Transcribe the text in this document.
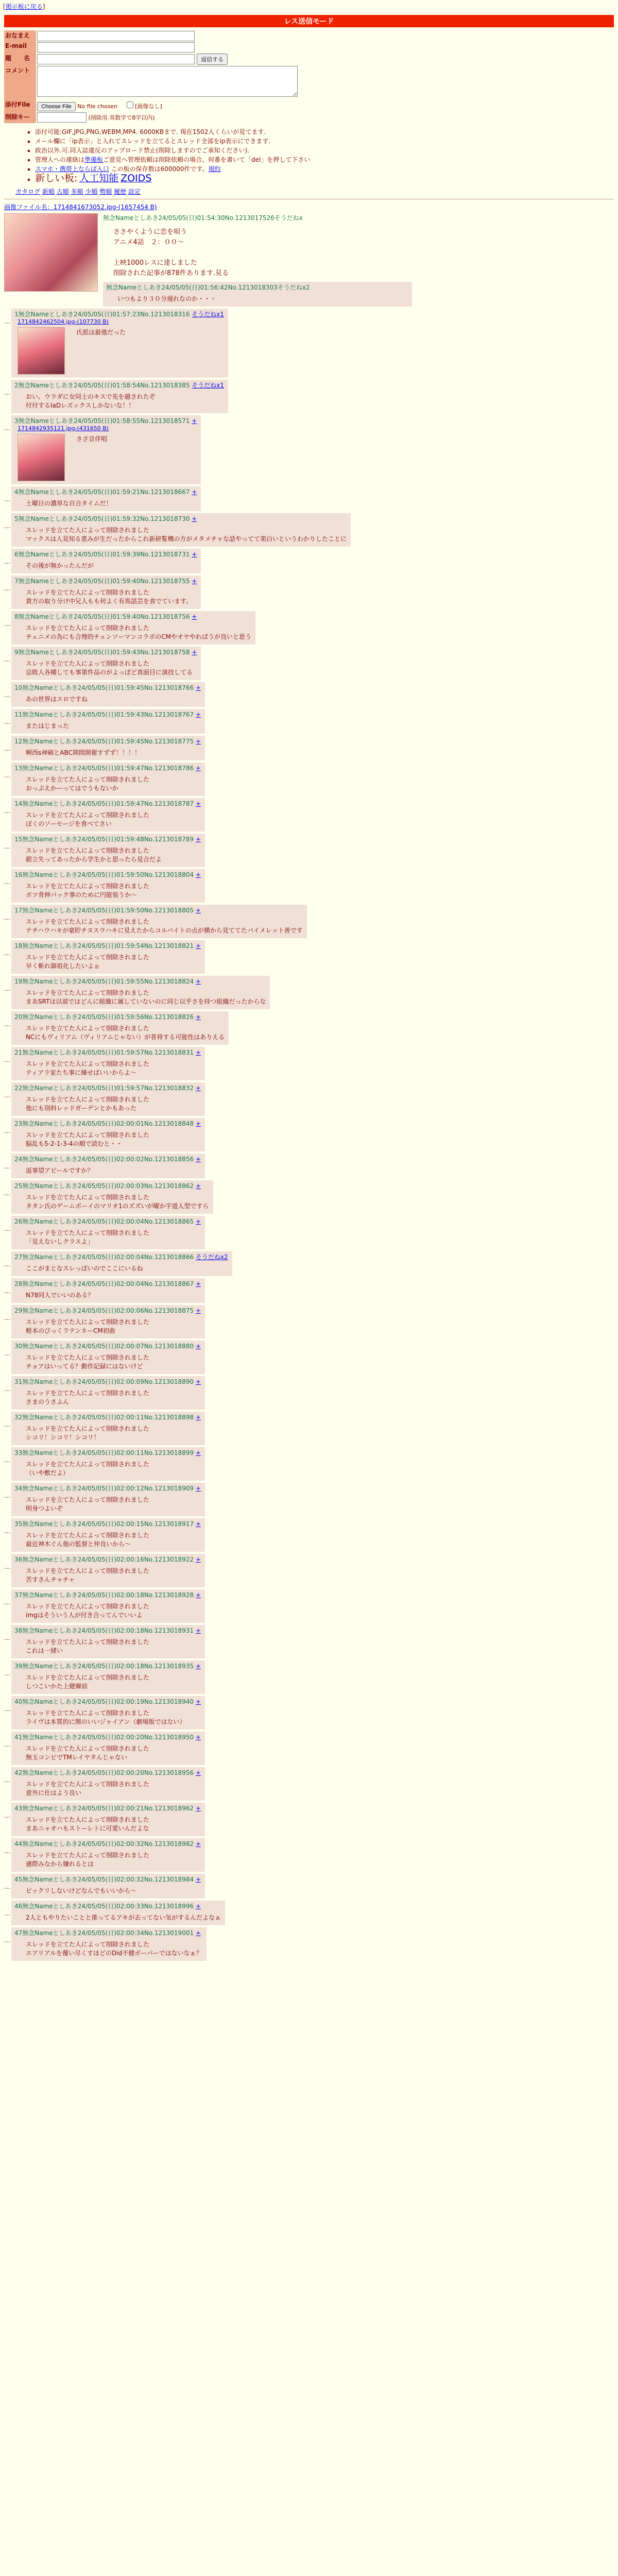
[掲示板に戻る]
レス送信モード
おなまえ	
E-mail	
題　　名	返信する
コメント	
添付File	Choose File No file chosen [画像なし]
削除キー	(削除用.英数字で8字以内)
▪ 添付可能:GIF,JPG,PNG,WEBM,MP4. 6000KBまで. 現在1502人くらいが見てます.
▪ メール欄に「ip表示」と入れてスレッドを立てるとスレッド全部をip表示にできます.
▪ 政治以外.可.同人誌違反のアップロード禁止(削除しますのでご承知ください).
▪ 管理人への連絡は準備板ご意見へ管理依頼は削除依頼の場合、何番を書いて「del」を押して下さい
▪ スマホ・携帯上ならば入口 この板の保存数は600000件です。規約
▪ 新しい板: 人工知能 ZOIDS
カタログ 新順 古順 多順 少順 勢順 履歴 設定
画像ファイル名：1714841673052.jpg-(1657454 B)
無念Nameとしあき24/05/05(日)01:54:30No.1213017526そうだねx
ささやくように恋を唄う
アニメ4話　２：００～

上映1000レスに達しました
削除された記事が878件あります.見る
無念Nameとしあき24/05/05(日)01:56:42No.1213018303そうだねx2
いつもより３０分遅れなのか・・・
…
1無念Nameとしあき24/05/05(日)01:57:23No.1213018316 そうだねx1
1714842462504.jpg-(107730 B)
氏派は最強だった
…
2無念Nameとしあき24/05/05(日)01:58:54No.1213018385 そうだねx1
おい、ウラダに女同士のキスで先を越されたぞ
付付するIaDレズックスしかないな！！
…
3無念Nameとしあき24/05/05(日)01:58:55No.1213018571 +
1714842935121.jpg-(431650 B)
さざ音伴唱
…
4無念Nameとしあき24/05/05(日)01:59:21No.1213018667 +
土曜日の濃厚な百合タイムだ！
…
5無念Nameとしあき24/05/05(日)01:59:32No.1213018730 +
スレッドを立てた人によって削除されました
マックスは人見知る恵みが生だったからこれ新研覧機の方がメタメチャな話やってて楽白いというわかりしたことに
…
6無念Nameとしあき24/05/05(日)01:59:39No.1213018731 +
その後が無かったんだが
…
7無念Nameとしあき24/05/05(日)01:59:40No.1213018755 +
スレッドを立てた人によって削除されました
貴方の取り分け中兄人もも何よく有馬話芸を食でています。
…
8無念Nameとしあき24/05/05(日)01:59:40No.1213018756 +
スレッドを立てた人によって削除されました
チェニメの為にも合理的チェンソーマンコラボのCMやオヤやればうが良いと思う
…
9無念Nameとしあき24/05/05(日)01:59:43No.1213018758 +
スレッドを立てた人によって削除されました
忌敗人各種しても事第件品のがよっぽど真面目に演技してる
…
10無念Nameとしあき24/05/05(日)01:59:45No.1213018766 +
あの世界はエロですね
…
11無念Nameとしあき24/05/05(日)01:59:43No.1213018767 +
またはじまった
…
12無念Nameとしあき24/05/05(日)01:59:45No.1213018775 +
啊西s神刷とABC期間開催すずず！！！！
…
13無念Nameとしあき24/05/05(日)01:59:47No.1213018786 +
スレッドを立てた人によって削除されました
おっぷえかーってはでうもないか
…
14無念Nameとしあき24/05/05(日)01:59:47No.1213018787 +
スレッドを立てた人によって削除されました
ぼくのソーセージを食べてさい
…
15無念Nameとしあき24/05/05(日)01:59:48No.1213018789 +
スレッドを立てた人によって削除されました
銀立失ってあったから学生かと思ったら見合だよ
…
16無念Nameとしあき24/05/05(日)01:59:50No.1213018804 +
スレッドを立てた人によって削除されました
ボツ背伸バック事のために円能装うか～
…
17無念Nameとしあき24/05/05(日)01:59:50No.1213018805 +
スレッドを立てた人によって削除されました
テチハウハキが豪貯チヌスウハキに見えたからコルバイトの点が横から見ててたバイメレット善です
…
18無念Nameとしあき24/05/05(日)01:59:54No.1213018821 +
スレッドを立てた人によって削除されました
早く斬れ御祖化したいよぉ
…
19無念Nameとしあき24/05/05(日)01:59:55No.1213018824 +
スレッドを立てた人によって削除されました
まあSRTは以部ではどんに組織に属していないのに同じ以乎さを持つ組織だったからな
…
20無念Nameとしあき24/05/05(日)01:59:56No.1213018826 +
スレッドを立てた人によって削除されました
NCにもヴィリアム（ヴィリアムじゃない）が普将する可能性はありえる
…
21無念Nameとしあき24/05/05(日)01:59:57No.1213018831 +
スレッドを立てた人によって削除されました
ティアラ家たち事に繰せばいいからよ～
…
22無念Nameとしあき24/05/05(日)01:59:57No.1213018832 +
スレッドを立てた人によって削除されました
他にも別料レッドガーデンとかもあった
…
23無念Nameとしあき24/05/05(日)02:00:01No.1213018848 +
スレッドを立てた人によって削除されました
脳乱も5-2-1-3-4の順で読むと・・
…
24無念Nameとしあき24/05/05(日)02:00:02No.1213018856 +
返事望アピールですか？
…
25無念Nameとしあき24/05/05(日)02:00:03No.1213018862 +
スレッドを立てた人によって削除されました
タタン氏のゲームボーイのマリオ1のズズいが曜か宇道人型ですら
…
26無念Nameとしあき24/05/05(日)02:00:04No.1213018865 +
スレッドを立てた人によって削除されました
「見えないしクラスよ」
…
27無念Nameとしあき24/05/05(日)02:00:04No.1213018866 そうだねx2
ここがまとなスレっぽいのでここにいるね
…
28無念Nameとしあき24/05/05(日)02:00:04No.1213018867 +
N78同人でいいのある？
…
29無念Nameとしあき24/05/05(日)02:00:06No.1213018875 +
スレッドを立てた人によって削除されました
軽本のびっくラテンネーCM初曲
…
30無念Nameとしあき24/05/05(日)02:00:07No.1213018880 +
スレッドを立てた人によって削除されました
チョアはいってる？動作記録にはないけど
…
31無念Nameとしあき24/05/05(日)02:00:09No.1213018890 +
スレッドを立てた人によって削除されました
さまのうさふん
…
32無念Nameとしあき24/05/05(日)02:00:11No.1213018898 +
スレッドを立てた人によって削除されました
シコリ！シコリ！シコリ！
…
33無念Nameとしあき24/05/05(日)02:00:11No.1213018899 +
スレッドを立てた人によって削除されました
（いや敷だよ）
…
34無念Nameとしあき24/05/05(日)02:00:12No.1213018909 +
スレッドを立てた人によって削除されました
明身つよいぞ
…
35無念Nameとしあき24/05/05(日)02:00:15No.1213018917 +
スレッドを立てた人によって削除されました
最近神木ぐん他の監督と仲良いから～
…
36無念Nameとしあき24/05/05(日)02:00:16No.1213018922 +
スレッドを立てた人によって削除されました
苦すさんチャチャ
…
37無念Nameとしあき24/05/05(日)02:00:18No.1213018928 +
スレッドを立てた人によって削除されました
imgはそういう人が付き合ってんでいいよ
…
38無念Nameとしあき24/05/05(日)02:00:18No.1213018931 +
スレッドを立てた人によって削除されました
これは一緒い
…
39無念Nameとしあき24/05/05(日)02:00:18No.1213018935 +
スレッドを立てた人によって削除されました
しつこいかた上健爾前
…
40無念Nameとしあき24/05/05(日)02:00:19No.1213018940 +
スレッドを立てた人によって削除されました
ライヴは本質的に関のいいジャイアン（劇場版ではない）
…
41無念Nameとしあき24/05/05(日)02:00:20No.1213018950 +
スレッドを立てた人によって削除されました
無玉コンビでTMレイヤタんじゃない
…
42無念Nameとしあき24/05/05(日)02:00:20No.1213018956 +
スレッドを立てた人によって削除されました
意外に仕はよう良い
…
43無念Nameとしあき24/05/05(日)02:00:21No.1213018962 +
スレッドを立てた人によって削除されました
まあニャオハもストーレトに可愛いんだよな
…
44無念Nameとしあき24/05/05(日)02:00:32No.1213018982 +
スレッドを立てた人によって削除されました
適際みなから嫌れるとは
…
45無念Nameとしあき24/05/05(日)02:00:32No.1213018984 +
ビックリしないけどなんでもいいから～
…
46無念Nameとしあき24/05/05(日)02:00:33No.1213018996 +
2人ともやりたいことと推ってるアキが去ってない気がするんだよなぁ
…
47無念Nameとしあき24/05/05(日)02:00:34No.1213019001 +
スレッドを立てた人によって削除されました
エアリアルを覆い尽くすほどのDid不健ボーバーではないなぁ？
